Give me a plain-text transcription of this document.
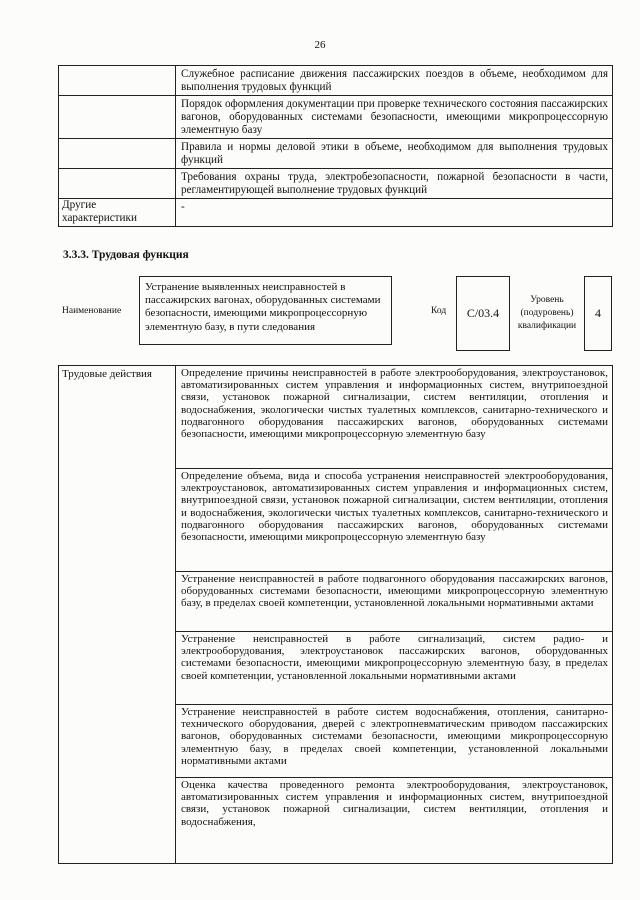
26
	Служебное расписание движения пассажирских поездов в объеме, необходимом для выполнения трудовых функций
	Порядок оформления документации при проверке технического состояния пассажирских вагонов, оборудованных системами безопасности, имеющими микропроцессорную элементную базу
	Правила и нормы деловой этики в объеме, необходимом для выполнения трудовых функций
	Требования охраны труда, электробезопасности, пожарной безопасности в части, регламентирующей выполнение трудовых функций
Другие характеристики	-
3.3.3. Трудовая функция
Наименование
Устранение выявленных неисправностей в пассажирских вагонах, оборудованных системами безопасности, имеющими микропроцессорную элементную базу, в пути следования
Код	C/03.4
Уровень (подуровень) квалификации
4
Трудовые действия	Определение причины неисправностей в работе электрооборудования, электроустановок, автоматизированных систем управления и информационных систем, внутрипоездной связи, установок пожарной сигнализации, систем вентиляции, отопления и водоснабжения, экологически чистых туалетных комплексов, санитарно-технического и подвагонного оборудования пассажирских вагонов, оборудованных системами безопасности, имеющими микропроцессорную элементную базу
Определение объема, вида и способа устранения неисправностей электрооборудования, электроустановок, автоматизированных систем управления и информационных систем, внутрипоездной связи, установок пожарной сигнализации, систем вентиляции, отопления и водоснабжения, экологически чистых туалетных комплексов, санитарно-технического и подвагонного оборудования пассажирских вагонов, оборудованных системами безопасности, имеющими микропроцессорную элементную базу
Устранение неисправностей в работе подвагонного оборудования пассажирских вагонов, оборудованных системами безопасности, имеющими микропроцессорную элементную базу, в пределах своей компетенции, установленной локальными нормативными актами
Устранение неисправностей в работе сигнализаций, систем радио- и электрооборудования, электроустановок пассажирских вагонов, оборудованных системами безопасности, имеющими микропроцессорную элементную базу, в пределах своей компетенции, установленной локальными нормативными актами
Устранение неисправностей в работе систем водоснабжения, отопления, санитарно-технического оборудования, дверей с электропневматическим приводом пассажирских вагонов, оборудованных системами безопасности, имеющими микропроцессорную элементную базу, в пределах своей компетенции, установленной локальными нормативными актами
Оценка качества проведенного ремонта электрооборудования, электроустановок, автоматизированных систем управления и информационных систем, внутрипоездной связи, установок пожарной сигнализации, систем вентиляции, отопления и водоснабжения,
